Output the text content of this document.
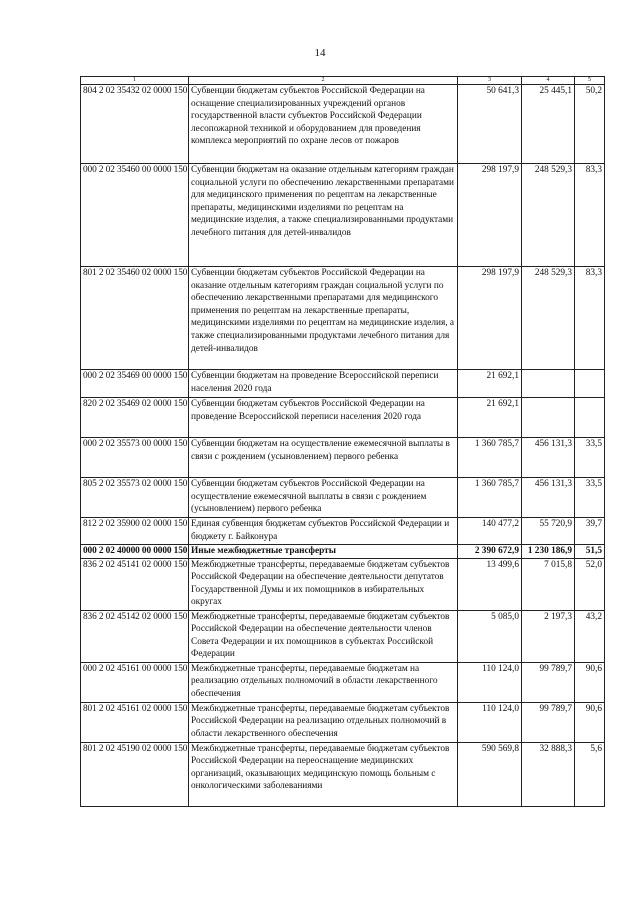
14
1	2	3	4	5
804 2 02 35432 02 0000 150	Субвенции бюджетам субъектов Российской Федерации на оснащение специализированных учреждений органов государственной власти субъектов Российской Федерации лесопожарной техникой и оборудованием для проведения комплекса мероприятий по охране лесов от пожаров	50 641,3	25 445,1	50,2
000 2 02 35460 00 0000 150	Субвенции бюджетам на оказание отдельным категориям граждан социальной услуги по обеспечению лекарственными препаратами для медицинского применения по рецептам на лекарственные препараты, медицинскими изделиями по рецептам на медицинские изделия, а также специализированными продуктами лечебного питания для детей-инвалидов	298 197,9	248 529,3	83,3
801 2 02 35460 02 0000 150	Субвенции бюджетам субъектов Российской Федерации на оказание отдельным категориям граждан социальной услуги по обеспечению лекарственными препаратами для медицинского применения по рецептам на лекарственные препараты, медицинскими изделиями по рецептам на медицинские изделия, а также специализированными продуктами лечебного питания для детей-инвалидов	298 197,9	248 529,3	83,3
000 2 02 35469 00 0000 150	Субвенции бюджетам на проведение Всероссийской переписи населения 2020 года	21 692,1		
820 2 02 35469 02 0000 150	Субвенции бюджетам субъектов Российской Федерации на проведение Всероссийской переписи населения 2020 года	21 692,1		
000 2 02 35573 00 0000 150	Субвенции бюджетам на осуществление ежемесячной выплаты в связи с рождением (усыновлением) первого ребенка	1 360 785,7	456 131,3	33,5
805 2 02 35573 02 0000 150	Субвенции бюджетам субъектов Российской Федерации на осуществление ежемесячной выплаты в связи с рождением (усыновлением) первого ребенка	1 360 785,7	456 131,3	33,5
812 2 02 35900 02 0000 150	Единая субвенция бюджетам субъектов Российской Федерации и бюджету г. Байконура	140 477,2	55 720,9	39,7
000 2 02 40000 00 0000 150	Иные межбюджетные трансферты	2 390 672,9	1 230 186,9	51,5
836 2 02 45141 02 0000 150	Межбюджетные трансферты, передаваемые бюджетам субъектов Российской Федерации на обеспечение деятельности депутатов Государственной Думы и их помощников в избирательных округах	13 499,6	7 015,8	52,0
836 2 02 45142 02 0000 150	Межбюджетные трансферты, передаваемые бюджетам субъектов Российской Федерации на обеспечение деятельности членов Совета Федерации и их помощников в субъектах Российской Федерации	5 085,0	2 197,3	43,2
000 2 02 45161 00 0000 150	Межбюджетные трансферты, передаваемые бюджетам на реализацию отдельных полномочий в области лекарственного обеспечения	110 124,0	99 789,7	90,6
801 2 02 45161 02 0000 150	Межбюджетные трансферты, передаваемые бюджетам субъектов Российской Федерации на реализацию отдельных полномочий в области лекарственного обеспечения	110 124,0	99 789,7	90,6
801 2 02 45190 02 0000 150	Межбюджетные трансферты, передаваемые бюджетам субъектов Российской Федерации на переоснащение медицинских организаций, оказывающих медицинскую помощь больным с онкологическими заболеваниями	590 569,8	32 888,3	5,6
